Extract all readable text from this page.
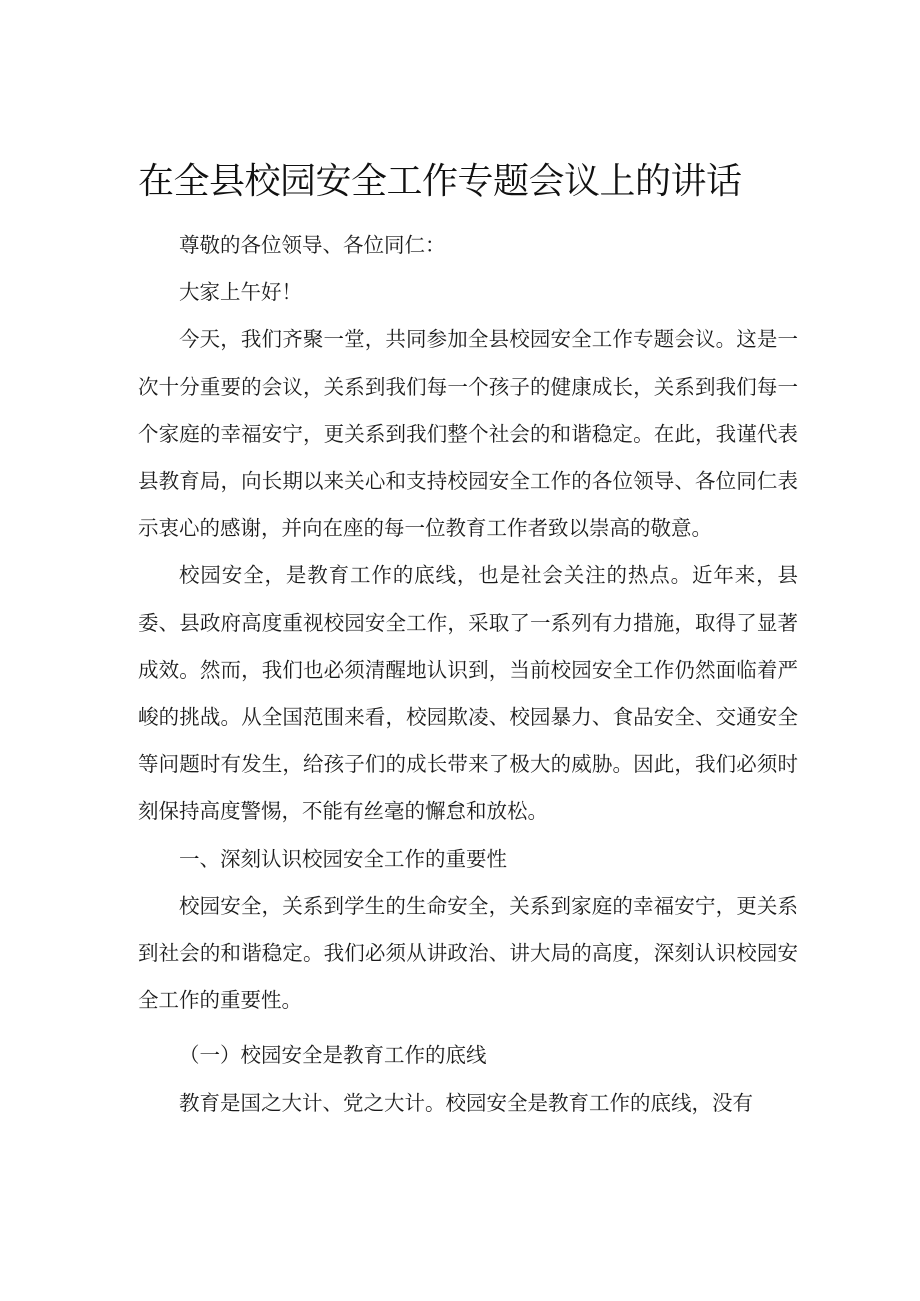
在全县校园安全工作专题会议上的讲话

尊敬的各位领导、各位同仁：

大家上午好！

今天，我们齐聚一堂，共同参加全县校园安全工作专题会议。这是一次十分重要的会议，关系到我们每一个孩子的健康成长，关系到我们每一个家庭的幸福安宁，更关系到我们整个社会的和谐稳定。在此，我谨代表县教育局，向长期以来关心和支持校园安全工作的各位领导、各位同仁表示衷心的感谢，并向在座的每一位教育工作者致以崇高的敬意。

校园安全，是教育工作的底线，也是社会关注的热点。近年来，县委、县政府高度重视校园安全工作，采取了一系列有力措施，取得了显著成效。然而，我们也必须清醒地认识到，当前校园安全工作仍然面临着严峻的挑战。从全国范围来看，校园欺凌、校园暴力、食品安全、交通安全等问题时有发生，给孩子们的成长带来了极大的威胁。因此，我们必须时刻保持高度警惕，不能有丝毫的懈怠和放松。

一、深刻认识校园安全工作的重要性

校园安全，关系到学生的生命安全，关系到家庭的幸福安宁，更关系到社会的和谐稳定。我们必须从讲政治、讲大局的高度，深刻认识校园安全工作的重要性。

（一）校园安全是教育工作的底线

教育是国之大计、党之大计。校园安全是教育工作的底线，没有
